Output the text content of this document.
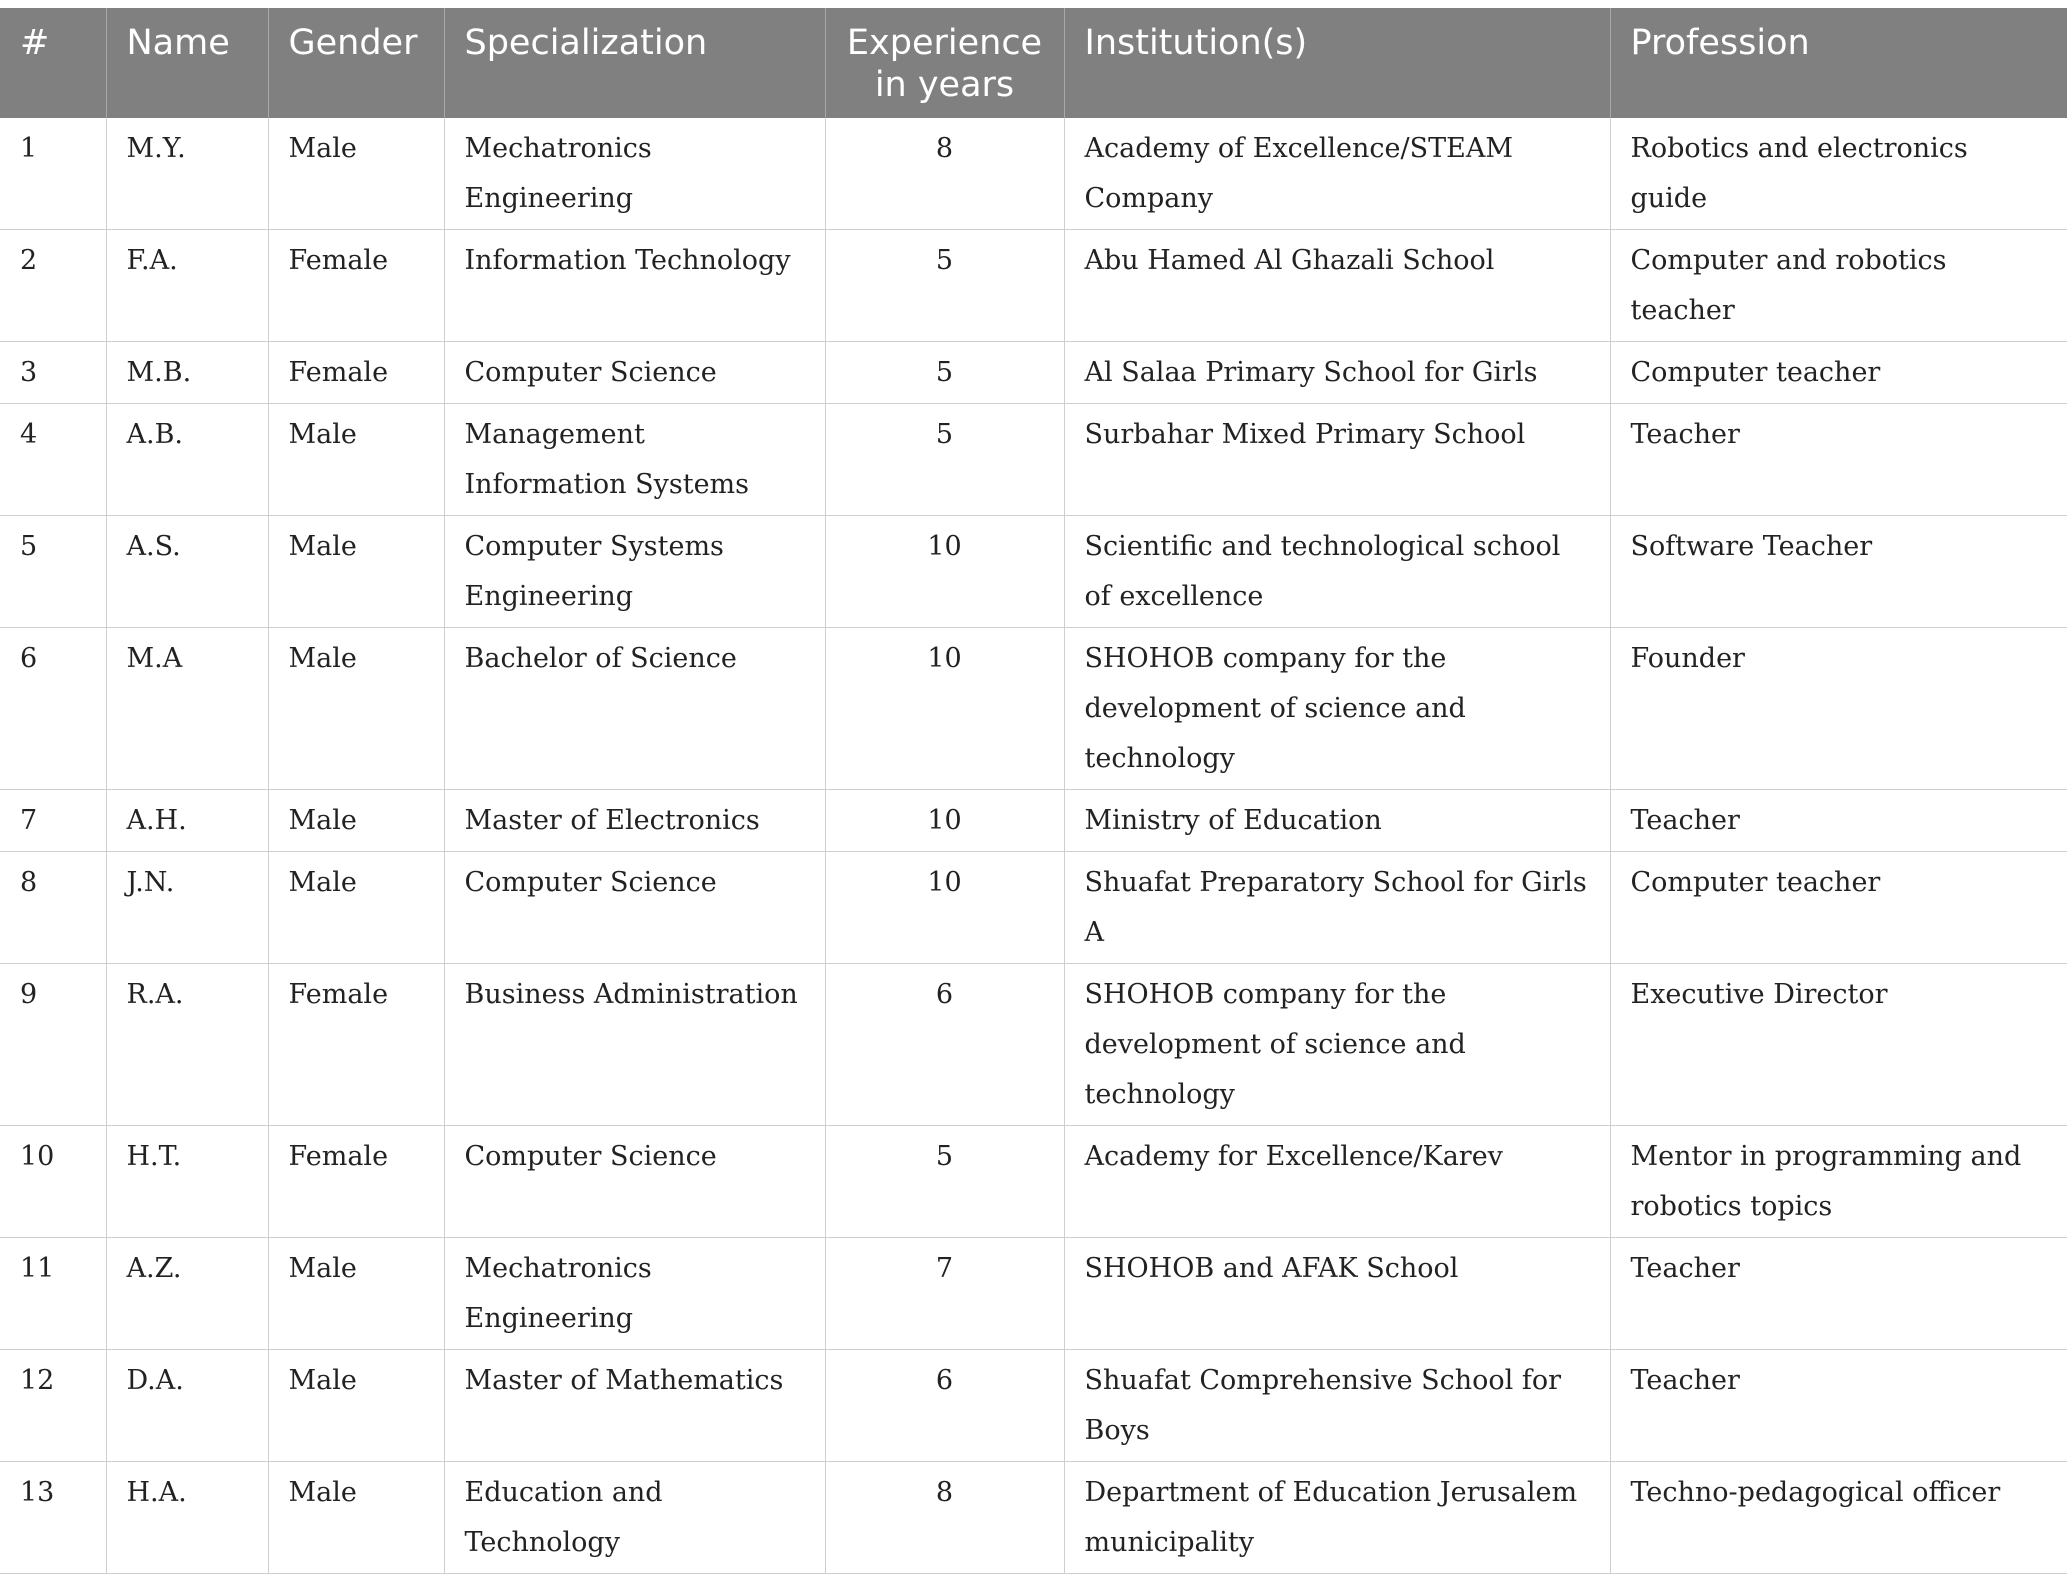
#	Name	Gender	Specialization	Experience in years	Institution(s)	Profession
1	M.Y.	Male	Mechatronics Engineering	8	Academy of Excellence/STEAM Company	Robotics and electronics guide
2	F.A.	Female	Information Technology	5	Abu Hamed Al Ghazali School	Computer and robotics teacher
3	M.B.	Female	Computer Science	5	Al Salaa Primary School for Girls	Computer teacher
4	A.B.	Male	Management Information Systems	5	Surbahar Mixed Primary School	Teacher
5	A.S.	Male	Computer Systems Engineering	10	Scientific and technological school of excellence	Software Teacher
6	M.A	Male	Bachelor of Science	10	SHOHOB company for the development of science and technology	Founder
7	A.H.	Male	Master of Electronics	10	Ministry of Education	Teacher
8	J.N.	Male	Computer Science	10	Shuafat Preparatory School for Girls A	Computer teacher
9	R.A.	Female	Business Administration	6	SHOHOB company for the development of science and technology	Executive Director
10	H.T.	Female	Computer Science	5	Academy for Excellence/Karev	Mentor in programming and robotics topics
11	A.Z.	Male	Mechatronics Engineering	7	SHOHOB and AFAK School	Teacher
12	D.A.	Male	Master of Mathematics	6	Shuafat Comprehensive School for Boys	Teacher
13	H.A.	Male	Education and Technology	8	Department of Education Jerusalem municipality	Techno-pedagogical officer
